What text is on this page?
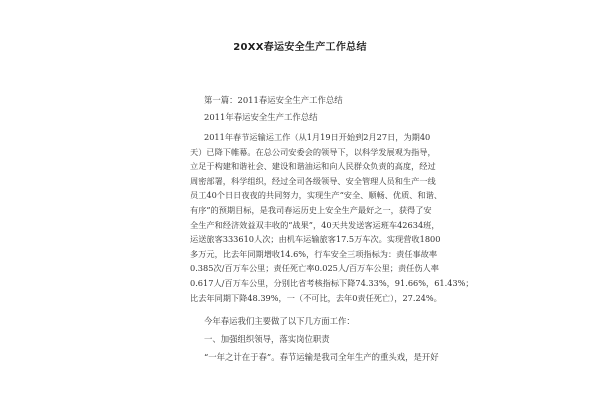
20XX春运安全生产工作总结
第一篇：2011春运安全生产工作总结
2011年春运安全生产工作总结
2011年春节运输运工作（从1月19日开始到2月27日，为期40
天）已降下帷幕。在总公司安委会的领导下，以科学发展观为指导，
立足于构建和谐社会、建设和谐油运和向人民群众负责的高度，经过
周密部署，科学组织，经过全司各级领导、安全管理人员和生产一线
员工40个日日夜夜的共同努力，实现生产“安全、顺畅、优质、和谐、
有序”的预期目标，是我司春运历史上安全生产最好之一，获得了安
全生产和经济效益双丰收的“战果”，40天共发送客运班车42634班，
运送旅客333610人次；由机车运输旅客17.5万车次。实现营收1800
多万元，比去年同期增收14.6%，行车安全三项指标为：责任事故率
0.385次/百万车公里；责任死亡率0.025人/百万车公里；责任伤人率
0.617人/百万车公里，分别比省考核指标下降74.33%，91.66%，61.43%；
比去年同期下降48.39%，一（不可比，去年0责任死亡），27.24%。
今年春运我们主要做了以下几方面工作：
一、加强组织领导，落实岗位职责
“一年之计在于春”。春节运输是我司全年生产的重头戏，是开好
